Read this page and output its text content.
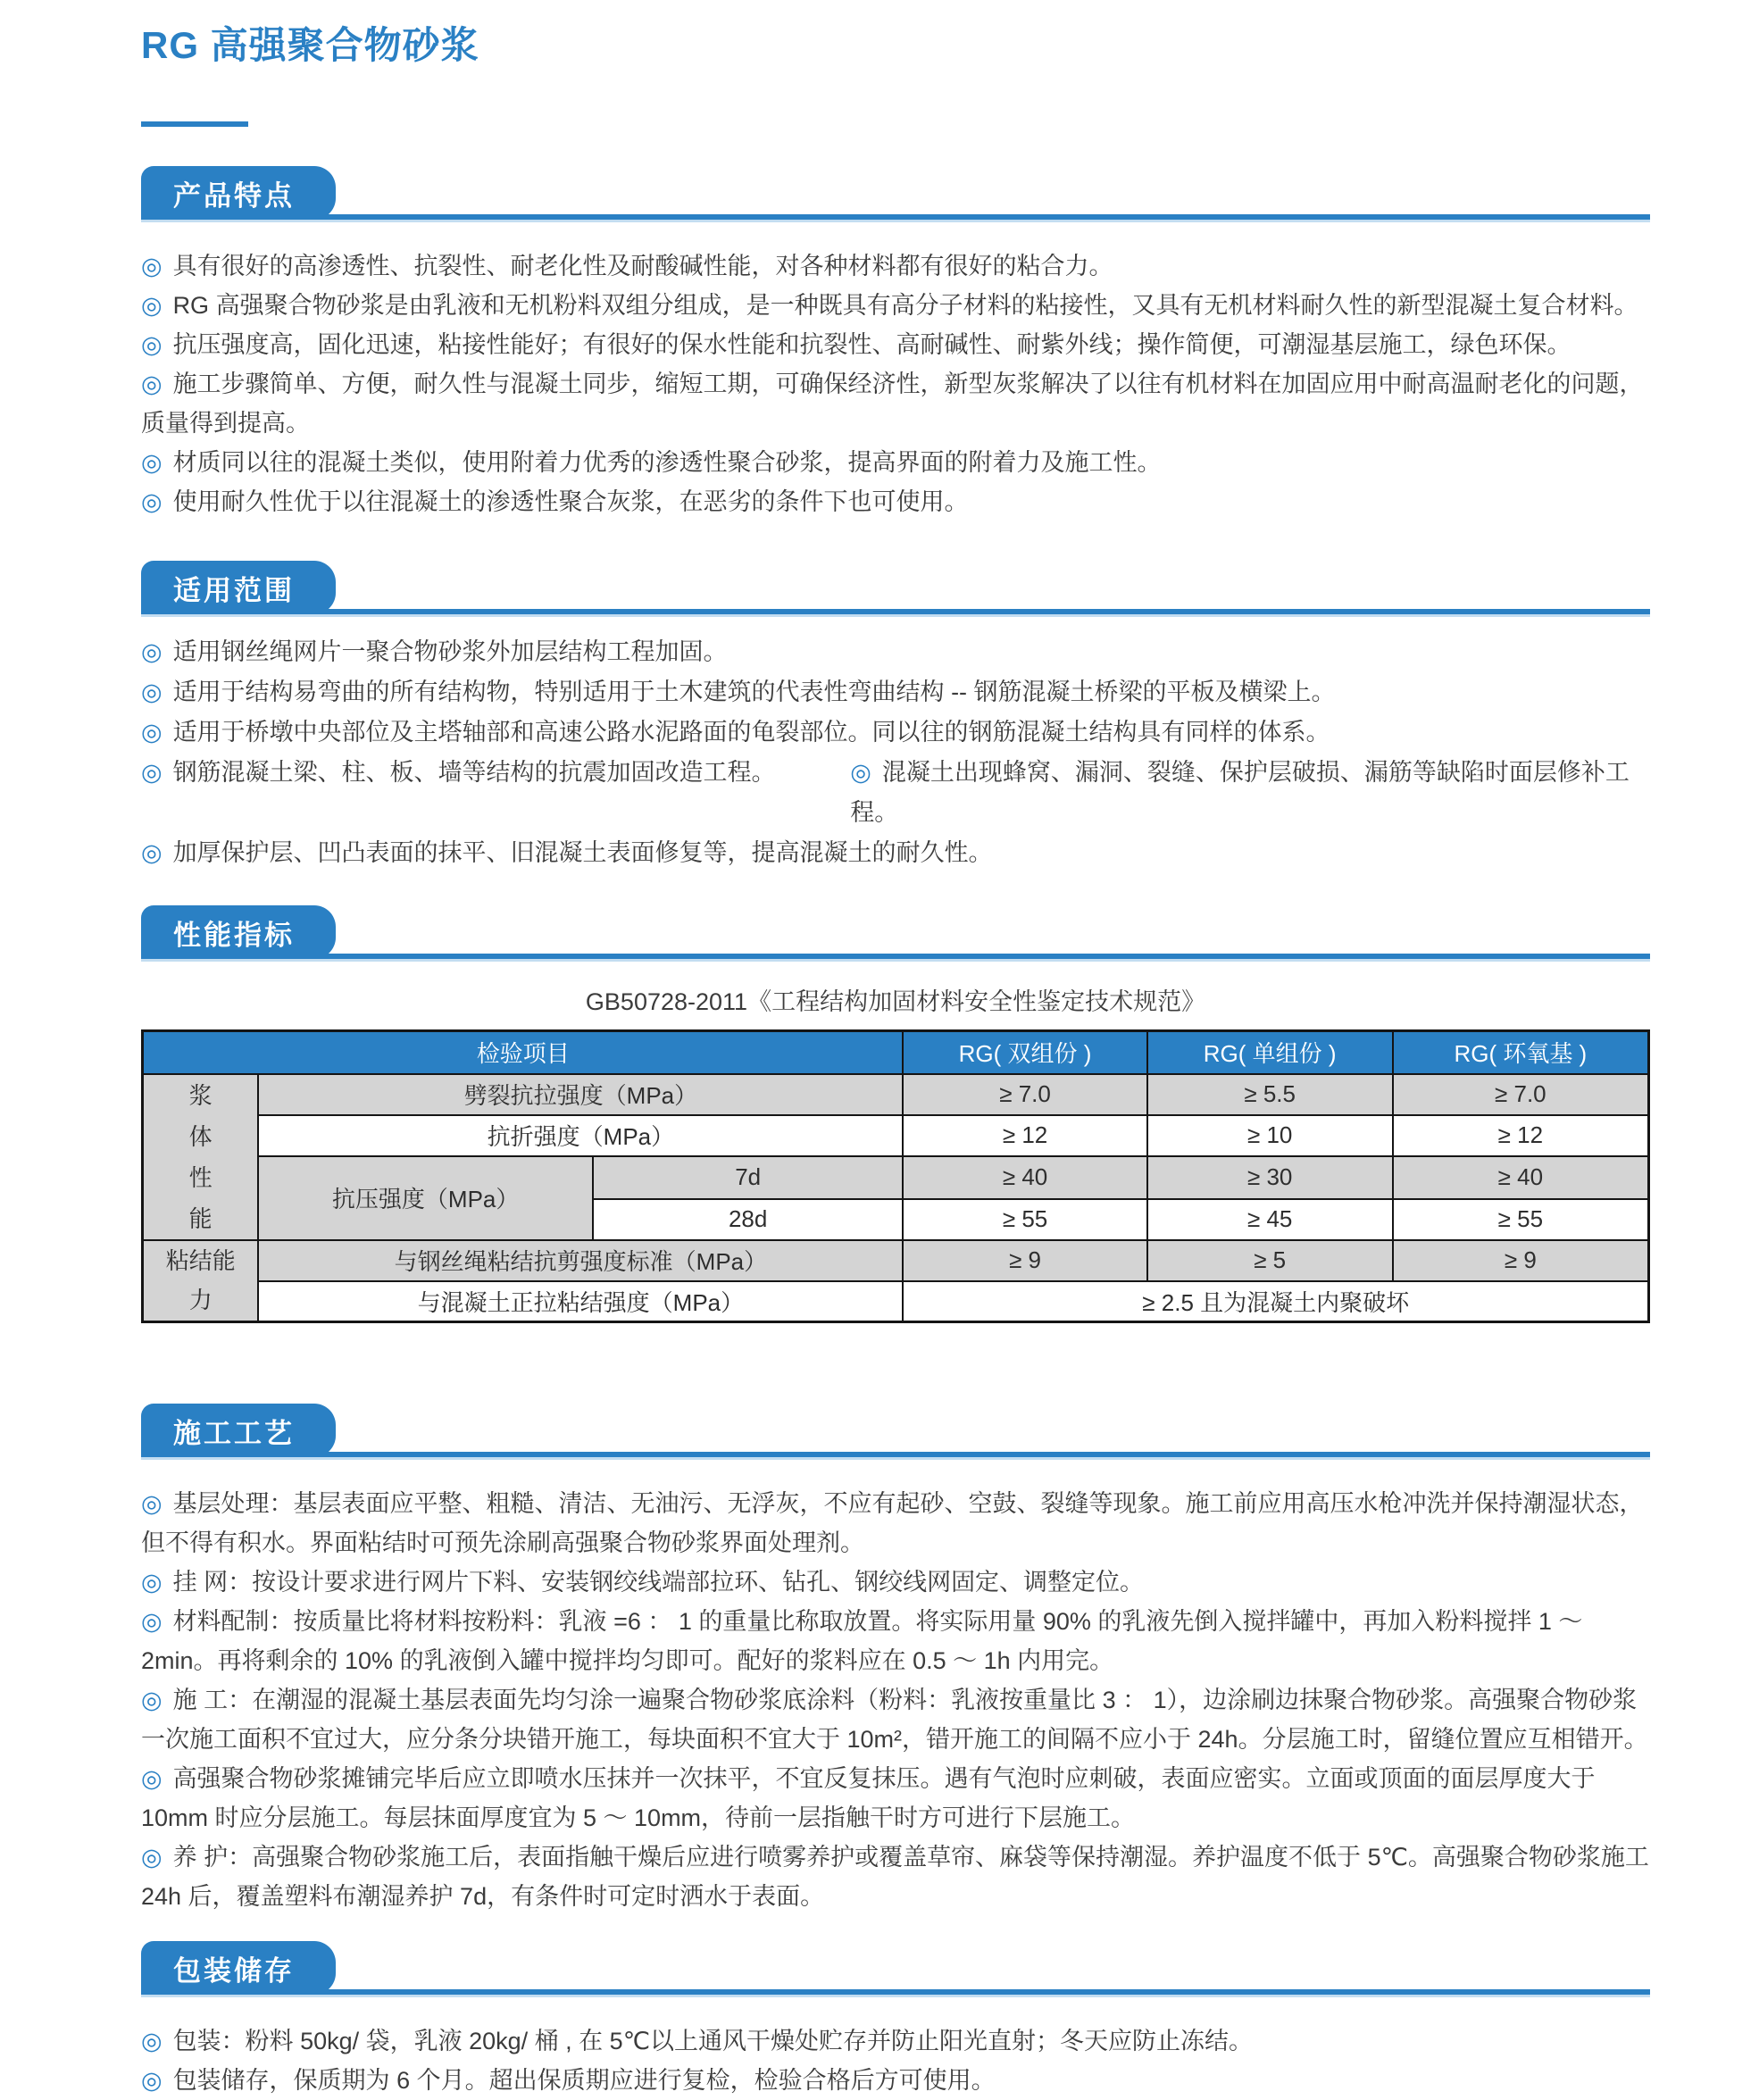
RG 高强聚合物砂浆
产品特点

◎ 具有很好的高渗透性、抗裂性、耐老化性及耐酸碱性能，对各种材料都有很好的粘合力。

◎ RG 高强聚合物砂浆是由乳液和无机粉料双组分组成，是一种既具有高分子材料的粘接性，又具有无机材料耐久性的新型混凝土复合材料。

◎ 抗压强度高，固化迅速，粘接性能好；有很好的保水性能和抗裂性、高耐碱性、耐紫外线；操作简便，可潮湿基层施工，绿色环保。

◎ 施工步骤简单、方便，耐久性与混凝土同步，缩短工期，可确保经济性，新型灰浆解决了以往有机材料在加固应用中耐高温耐老化的问题，质量得到提高。

◎ 材质同以往的混凝土类似，使用附着力优秀的渗透性聚合砂浆，提高界面的附着力及施工性。

◎ 使用耐久性优于以往混凝土的渗透性聚合灰浆，在恶劣的条件下也可使用。

适用范围

◎ 适用钢丝绳网片一聚合物砂浆外加层结构工程加固。

◎ 适用于结构易弯曲的所有结构物，特别适用于土木建筑的代表性弯曲结构 -- 钢筋混凝土桥梁的平板及横梁上。

◎ 适用于桥墩中央部位及主塔轴部和高速公路水泥路面的龟裂部位。同以往的钢筋混凝土结构具有同样的体系。

◎ 钢筋混凝土梁、柱、板、墙等结构的抗震加固改造工程。	◎ 混凝土出现蜂窝、漏洞、裂缝、保护层破损、漏筋等缺陷时面层修补工程。

◎ 加厚保护层、凹凸表面的抹平、旧混凝土表面修复等，提高混凝土的耐久性。

性能指标
GB50728-2011《工程结构加固材料安全性鉴定技术规范》
检验项目			RG( 双组份 )	RG( 单组份 )	RG( 环氧基 )

浆体性能	劈裂抗拉强度（MPa）		≥ 7.0	≥ 5.5	≥ 7.0
	抗折强度（MPa）		≥ 12	≥ 10	≥ 12
	抗压强度（MPa）	7d	≥ 40	≥ 30	≥ 40
		28d	≥ 55	≥ 45	≥ 55

粘结能力	与钢丝绳粘结抗剪强度标准（MPa）		≥ 9	≥ 5	≥ 9
	与混凝土正拉粘结强度（MPa）		≥ 2.5 且为混凝土内聚破坏		
施工工艺

◎ 基层处理：基层表面应平整、粗糙、清洁、无油污、无浮灰，不应有起砂、空鼓、裂缝等现象。施工前应用高压水枪冲洗并保持潮湿状态，但不得有积水。界面粘结时可预先涂刷高强聚合物砂浆界面处理剂。

◎ 挂 网：按设计要求进行网片下料、安装钢绞线端部拉环、钻孔、钢绞线网固定、调整定位。

◎ 材料配制：按质量比将材料按粉料：乳液 =6 ： 1 的重量比称取放置。将实际用量 90% 的乳液先倒入搅拌罐中，再加入粉料搅拌 1 ～ 2min。再将剩余的 10% 的乳液倒入罐中搅拌均匀即可。配好的浆料应在 0.5 ～ 1h 内用完。

◎ 施 工：在潮湿的混凝土基层表面先均匀涂一遍聚合物砂浆底涂料（粉料：乳液按重量比 3 ： 1），边涂刷边抹聚合物砂浆。高强聚合物砂浆一次施工面积不宜过大，应分条分块错开施工，每块面积不宜大于 10m²，错开施工的间隔不应小于 24h。分层施工时，留缝位置应互相错开。

◎ 高强聚合物砂浆摊铺完毕后应立即喷水压抹并一次抹平，不宜反复抹压。遇有气泡时应刺破，表面应密实。立面或顶面的面层厚度大于 10mm 时应分层施工。每层抹面厚度宜为 5 ～ 10mm，待前一层指触干时方可进行下层施工。

◎ 养 护：高强聚合物砂浆施工后，表面指触干燥后应进行喷雾养护或覆盖草帘、麻袋等保持潮湿。养护温度不低于 5℃。高强聚合物砂浆施工 24h 后，覆盖塑料布潮湿养护 7d，有条件时可定时洒水于表面。

包装储存

◎ 包装：粉料 50kg/ 袋，乳液 20kg/ 桶 , 在 5℃以上通风干燥处贮存并防止阳光直射；冬天应防止冻结。

◎ 包装储存，保质期为 6 个月。超出保质期应进行复检，检验合格后方可使用。
